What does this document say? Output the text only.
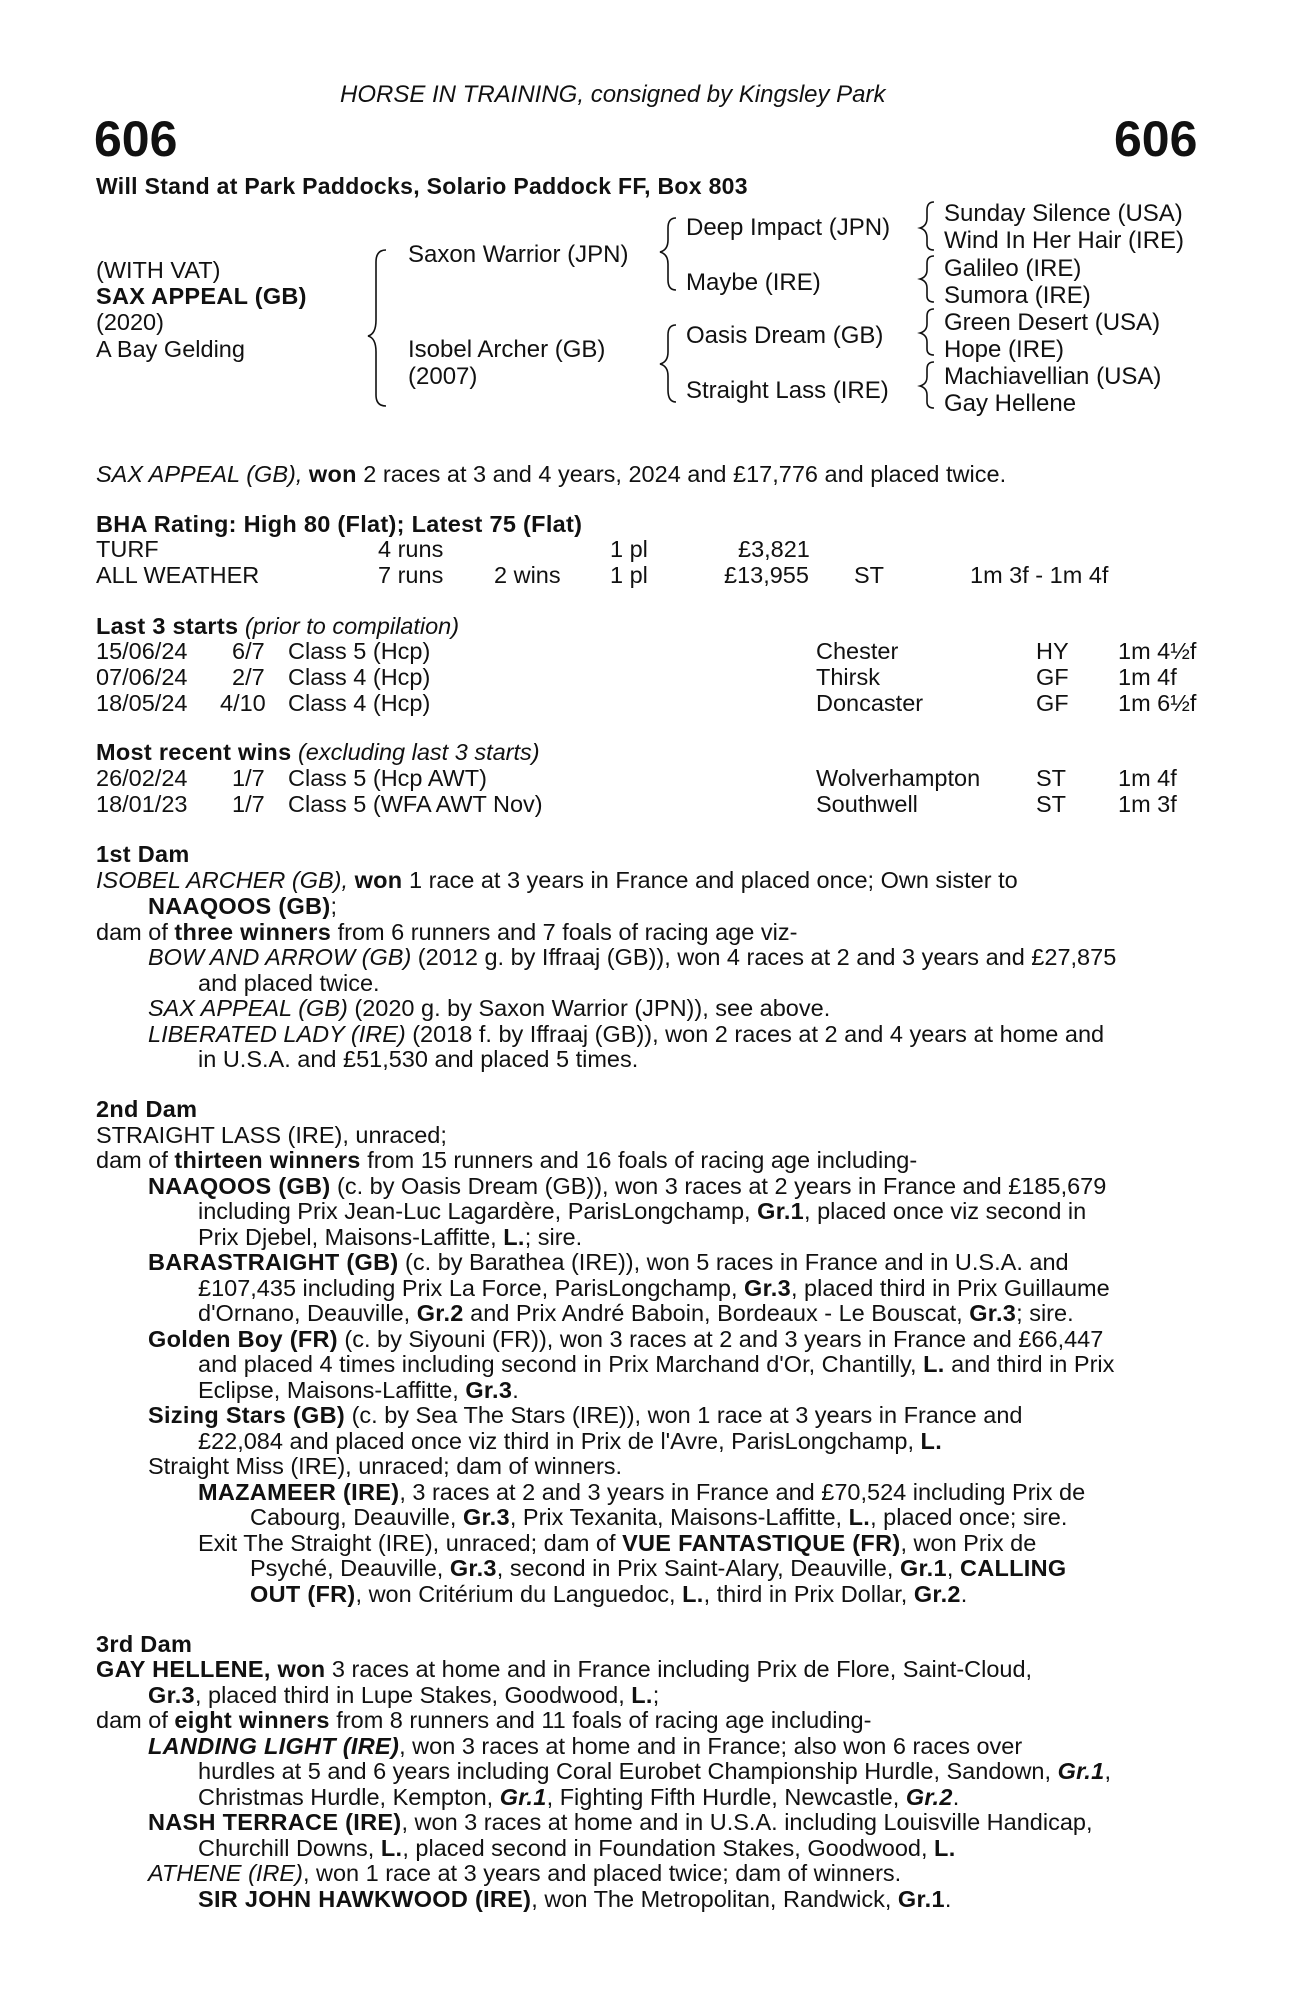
HORSE IN TRAINING, consigned by Kingsley Park
606	606
Will Stand at Park Paddocks, Solario Paddock FF, Box 803
(WITH VAT)
SAX APPEAL (GB)
(2020)
A Bay Gelding
Saxon Warrior (JPN)
Isobel Archer (GB)
(2007)
Deep Impact (JPN)
Maybe (IRE)
Oasis Dream (GB)
Straight Lass (IRE)
Sunday Silence (USA)
Wind In Her Hair (IRE)
Galileo (IRE)
Sumora (IRE)
Green Desert (USA)
Hope (IRE)
Machiavellian (USA)
Gay Hellene
SAX APPEAL (GB), won 2 races at 3 and 4 years, 2024 and £17,776 and placed twice.
BHA Rating: High 80 (Flat); Latest 75 (Flat)
TURF	4 runs	1 pl	£3,821
ALL WEATHER	7 runs 2 wins 1 pl	£13,955 ST	1m 3f - 1m 4f
Last 3 starts (prior to compilation)
15/06/24 6/7 Class 5 (Hcp)	Chester	HY 1m 4½f
07/06/24 2/7 Class 4 (Hcp)	Thirsk	GF 1m 4f
18/05/24 4/10 Class 4 (Hcp)	Doncaster	GF 1m 6½f
Most recent wins (excluding last 3 starts)
26/02/24 1/7 Class 5 (Hcp AWT)	Wolverhampton ST 1m 4f
18/01/23 1/7 Class 5 (WFA AWT Nov)	Southwell	ST 1m 3f
1st Dam
ISOBEL ARCHER (GB), won 1 race at 3 years in France and placed once; Own sister to
NAAQOOS (GB);
dam of three winners from 6 runners and 7 foals of racing age viz-
BOW AND ARROW (GB) (2012 g. by Iffraaj (GB)), won 4 races at 2 and 3 years and £27,875
and placed twice.
SAX APPEAL (GB) (2020 g. by Saxon Warrior (JPN)), see above.
LIBERATED LADY (IRE) (2018 f. by Iffraaj (GB)), won 2 races at 2 and 4 years at home and
in U.S.A. and £51,530 and placed 5 times.
2nd Dam
STRAIGHT LASS (IRE), unraced;
dam of thirteen winners from 15 runners and 16 foals of racing age including-
NAAQOOS (GB) (c. by Oasis Dream (GB)), won 3 races at 2 years in France and £185,679
including Prix Jean-Luc Lagardère, ParisLongchamp, Gr.1, placed once viz second in
Prix Djebel, Maisons-Laffitte, L.; sire.
BARASTRAIGHT (GB) (c. by Barathea (IRE)), won 5 races in France and in U.S.A. and
£107,435 including Prix La Force, ParisLongchamp, Gr.3, placed third in Prix Guillaume
d'Ornano, Deauville, Gr.2 and Prix André Baboin, Bordeaux - Le Bouscat, Gr.3; sire.
Golden Boy (FR) (c. by Siyouni (FR)), won 3 races at 2 and 3 years in France and £66,447
and placed 4 times including second in Prix Marchand d'Or, Chantilly, L. and third in Prix
Eclipse, Maisons-Laffitte, Gr.3.
Sizing Stars (GB) (c. by Sea The Stars (IRE)), won 1 race at 3 years in France and
£22,084 and placed once viz third in Prix de l'Avre, ParisLongchamp, L.
Straight Miss (IRE), unraced; dam of winners.
MAZAMEER (IRE), 3 races at 2 and 3 years in France and £70,524 including Prix de
Cabourg, Deauville, Gr.3, Prix Texanita, Maisons-Laffitte, L., placed once; sire.
Exit The Straight (IRE), unraced; dam of VUE FANTASTIQUE (FR), won Prix de
Psyché, Deauville, Gr.3, second in Prix Saint-Alary, Deauville, Gr.1, CALLING
OUT (FR), won Critérium du Languedoc, L., third in Prix Dollar, Gr.2.
3rd Dam
GAY HELLENE, won 3 races at home and in France including Prix de Flore, Saint-Cloud,
Gr.3, placed third in Lupe Stakes, Goodwood, L.;
dam of eight winners from 8 runners and 11 foals of racing age including-
LANDING LIGHT (IRE), won 3 races at home and in France; also won 6 races over
hurdles at 5 and 6 years including Coral Eurobet Championship Hurdle, Sandown, Gr.1,
Christmas Hurdle, Kempton, Gr.1, Fighting Fifth Hurdle, Newcastle, Gr.2.
NASH TERRACE (IRE), won 3 races at home and in U.S.A. including Louisville Handicap,
Churchill Downs, L., placed second in Foundation Stakes, Goodwood, L.
ATHENE (IRE), won 1 race at 3 years and placed twice; dam of winners.
SIR JOHN HAWKWOOD (IRE), won The Metropolitan, Randwick, Gr.1.
